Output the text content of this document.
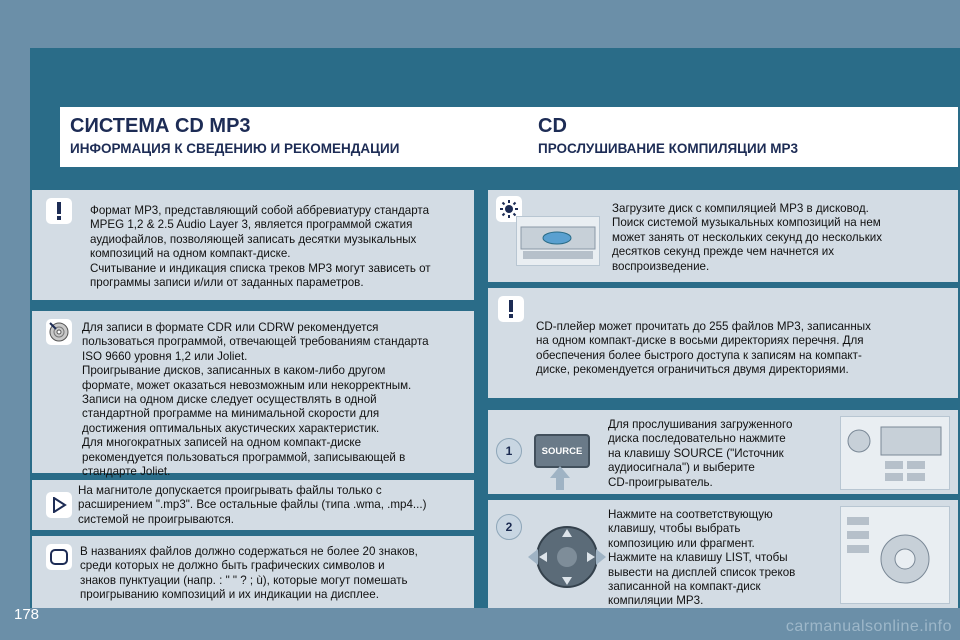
СИСТЕМА CD MP3
ИНФОРМАЦИЯ К СВЕДЕНИЮ И РЕКОМЕНДАЦИИ
CD
ПРОСЛУШИВАНИЕ КОМПИЛЯЦИИ MP3
Формат MP3, представляющий собой аббревиатуру стандарта
MPEG 1,2 & 2.5 Audio Layer 3, является программой сжатия
аудиофайлов, позволяющей записать десятки музыкальных
композиций на одном компакт-диске.
Считывание и индикация списка треков MP3 могут зависеть от
программы записи и/или от заданных параметров.
Для записи в формате CDR или CDRW рекомендуется
пользоваться программой, отвечающей требованиям стандарта
ISO 9660 уровня 1,2 или Joliet.
Проигрывание дисков, записанных в каком-либо другом
формате, может оказаться невозможным или некорректным.
Записи на одном диске следует осуществлять в одной
стандартной программе на минимальной скорости для
достижения оптимальных акустических характеристик.
Для многократных записей на одном компакт-диске
рекомендуется пользоваться программой, записывающей в
стандарте Joliet.
На магнитоле допускается проигрывать файлы только с
расширением ".mp3". Все остальные файлы (типа .wma, .mp4...)
системой не проигрываются.
В названиях файлов должно содержаться не более 20 знаков,
среди которых не должно быть графических символов и
знаков пунктуации (напр. : " " ? ; ù), которые могут помешать
проигрыванию композиций и их индикации на дисплее.
Загрузите диск с компиляцией MP3 в дисковод.
Поиск системой музыкальных композиций на нем
может занять от нескольких секунд до нескольких
десятков секунд прежде чем начнется их
воспроизведение.
CD-плейер может прочитать до 255 файлов MP3, записанных
на одном компакт-диске в восьми директориях перечня. Для
обеспечения более быстрого доступа к записям на компакт-
диске, рекомендуется ограничиться двумя директориями.
1	SOURCE
Для прослушивания загруженного
диска последовательно нажмите
на клавишу SOURCE ("Источник
аудиосигнала") и выберите
CD-проигрыватель.
2
Нажмите на соответствующую
клавишу, чтобы выбрать
композицию или фрагмент.
Нажмите на клавишу LIST, чтобы
вывести на дисплей список треков
записанной на компакт-диск
компиляции MP3.
178
carmanualsonline.info
